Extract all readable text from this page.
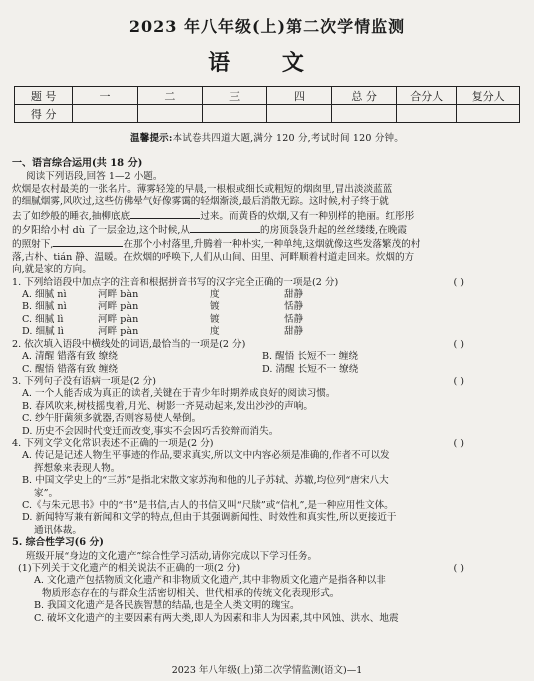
2023 年八年级(上)第二次学情监测
语 文
题 号	一	二	三	四	总 分	合分人	复分人
得 分							
温馨提示:本试卷共四道大题,满分 120 分,考试时间 120 分钟。
一、语言综合运用(共 18 分)
阅读下列语段,回答 1—2 小题。
炊烟是农村最美的一张名片。薄雾轻笼的早晨,一根根或细长或粗短的烟囱里,冒出淡淡蓝蓝
的细腻烟雾,风吹过,这些仿佛晕气好像雾霭的轻烟渐淡,最后消散无踪。这时候,村子终于就
去了如纱般的睡衣,抽柳底底	过来。而黄昏的炊烟,又有一种别样的艳丽。红彤彤
的夕阳给小村 dù 了一层金边,这个时候,从	的房顶袅袅升起的丝丝缕缕,在晚霞
的照射下,	在那个小村落里,升腾着一种朴实,一种单纯,这烟就像这些发落繁茂的村
落,古朴、tián 静、温暖。在炊烟的呼唤下,人们从山间、田里、河畔顺着村道走回来。炊烟的方
向,就是家的方向。
1. 下列给语段中加点字的注音和根据拼音书写的汉字完全正确的一项是(2 分)	( )
A. 细腻 nì	河畔 bàn	度	甜静
B. 细腻 nì	河畔 pàn	镀	恬静
C. 细腻 lì	河畔 pàn	镀	恬静
D. 细腻 lì	河畔 pàn	度	甜静
2. 依次填入语段中横线处的词语,最恰当的一项是(2 分)	( )
A. 清醒 错落有致 缭绕	B. 醒悟 长短不一 缠绕
C. 醒悟 错落有致 缠绕	D. 清醒 长短不一 缭绕
3. 下列句子没有语病一项是(2 分)	( )
A. 一个人能否成为真正的读者,关键在于青少年时期养成良好的阅读习惯。
B. 春风吹来,树枝摇曳着,月光、树影一齐晃动起来,发出沙沙的声响。
C. 纱午肝菌须多就器,否则容易使人晕倒。
D. 历史不会因时代变迁而改变,事实不会因巧舌狡辩而消失。
4. 下列文学文化常识表述不正确的一项是(2 分)	( )
A. 传记是记述人物生平事迹的作品,要求真实,所以文中内容必须是准确的,作者不可以发
挥想象来表现人物。
B. 中国文学史上的“三苏”是指北宋散文家苏洵和他的儿子苏轼、苏辙,均位列“唐宋八大
家”。
C.《与朱元思书》中的“书”是书信,古人的书信又叫“尺牍”或“信札”,是一种应用性文体。
D. 新闻特写兼有新闻和文学的特点,但由于其强调新闻性、时效性和真实性,所以更接近于
通讯体裁。
5. 综合性学习(6 分)
班级开展“身边的文化遗产”综合性学习活动,请你完成以下学习任务。
(1)下列关于文化遗产的相关说法不正确的一项(2 分)	( )
A. 文化遗产包括物质文化遗产和非物质文化遗产,其中非物质文化遗产是指各种以非
物质形态存在的与群众生活密切相关、世代相承的传统文化表现形式。
B. 我国文化遗产是各民族智慧的结晶,也是全人类文明的瑰宝。
C. 破坏文化遗产的主要因素有两大类,即人为因素和非人为因素,其中风蚀、洪水、地震
2023 年八年级(上)第二次学情监测(语文)—1
